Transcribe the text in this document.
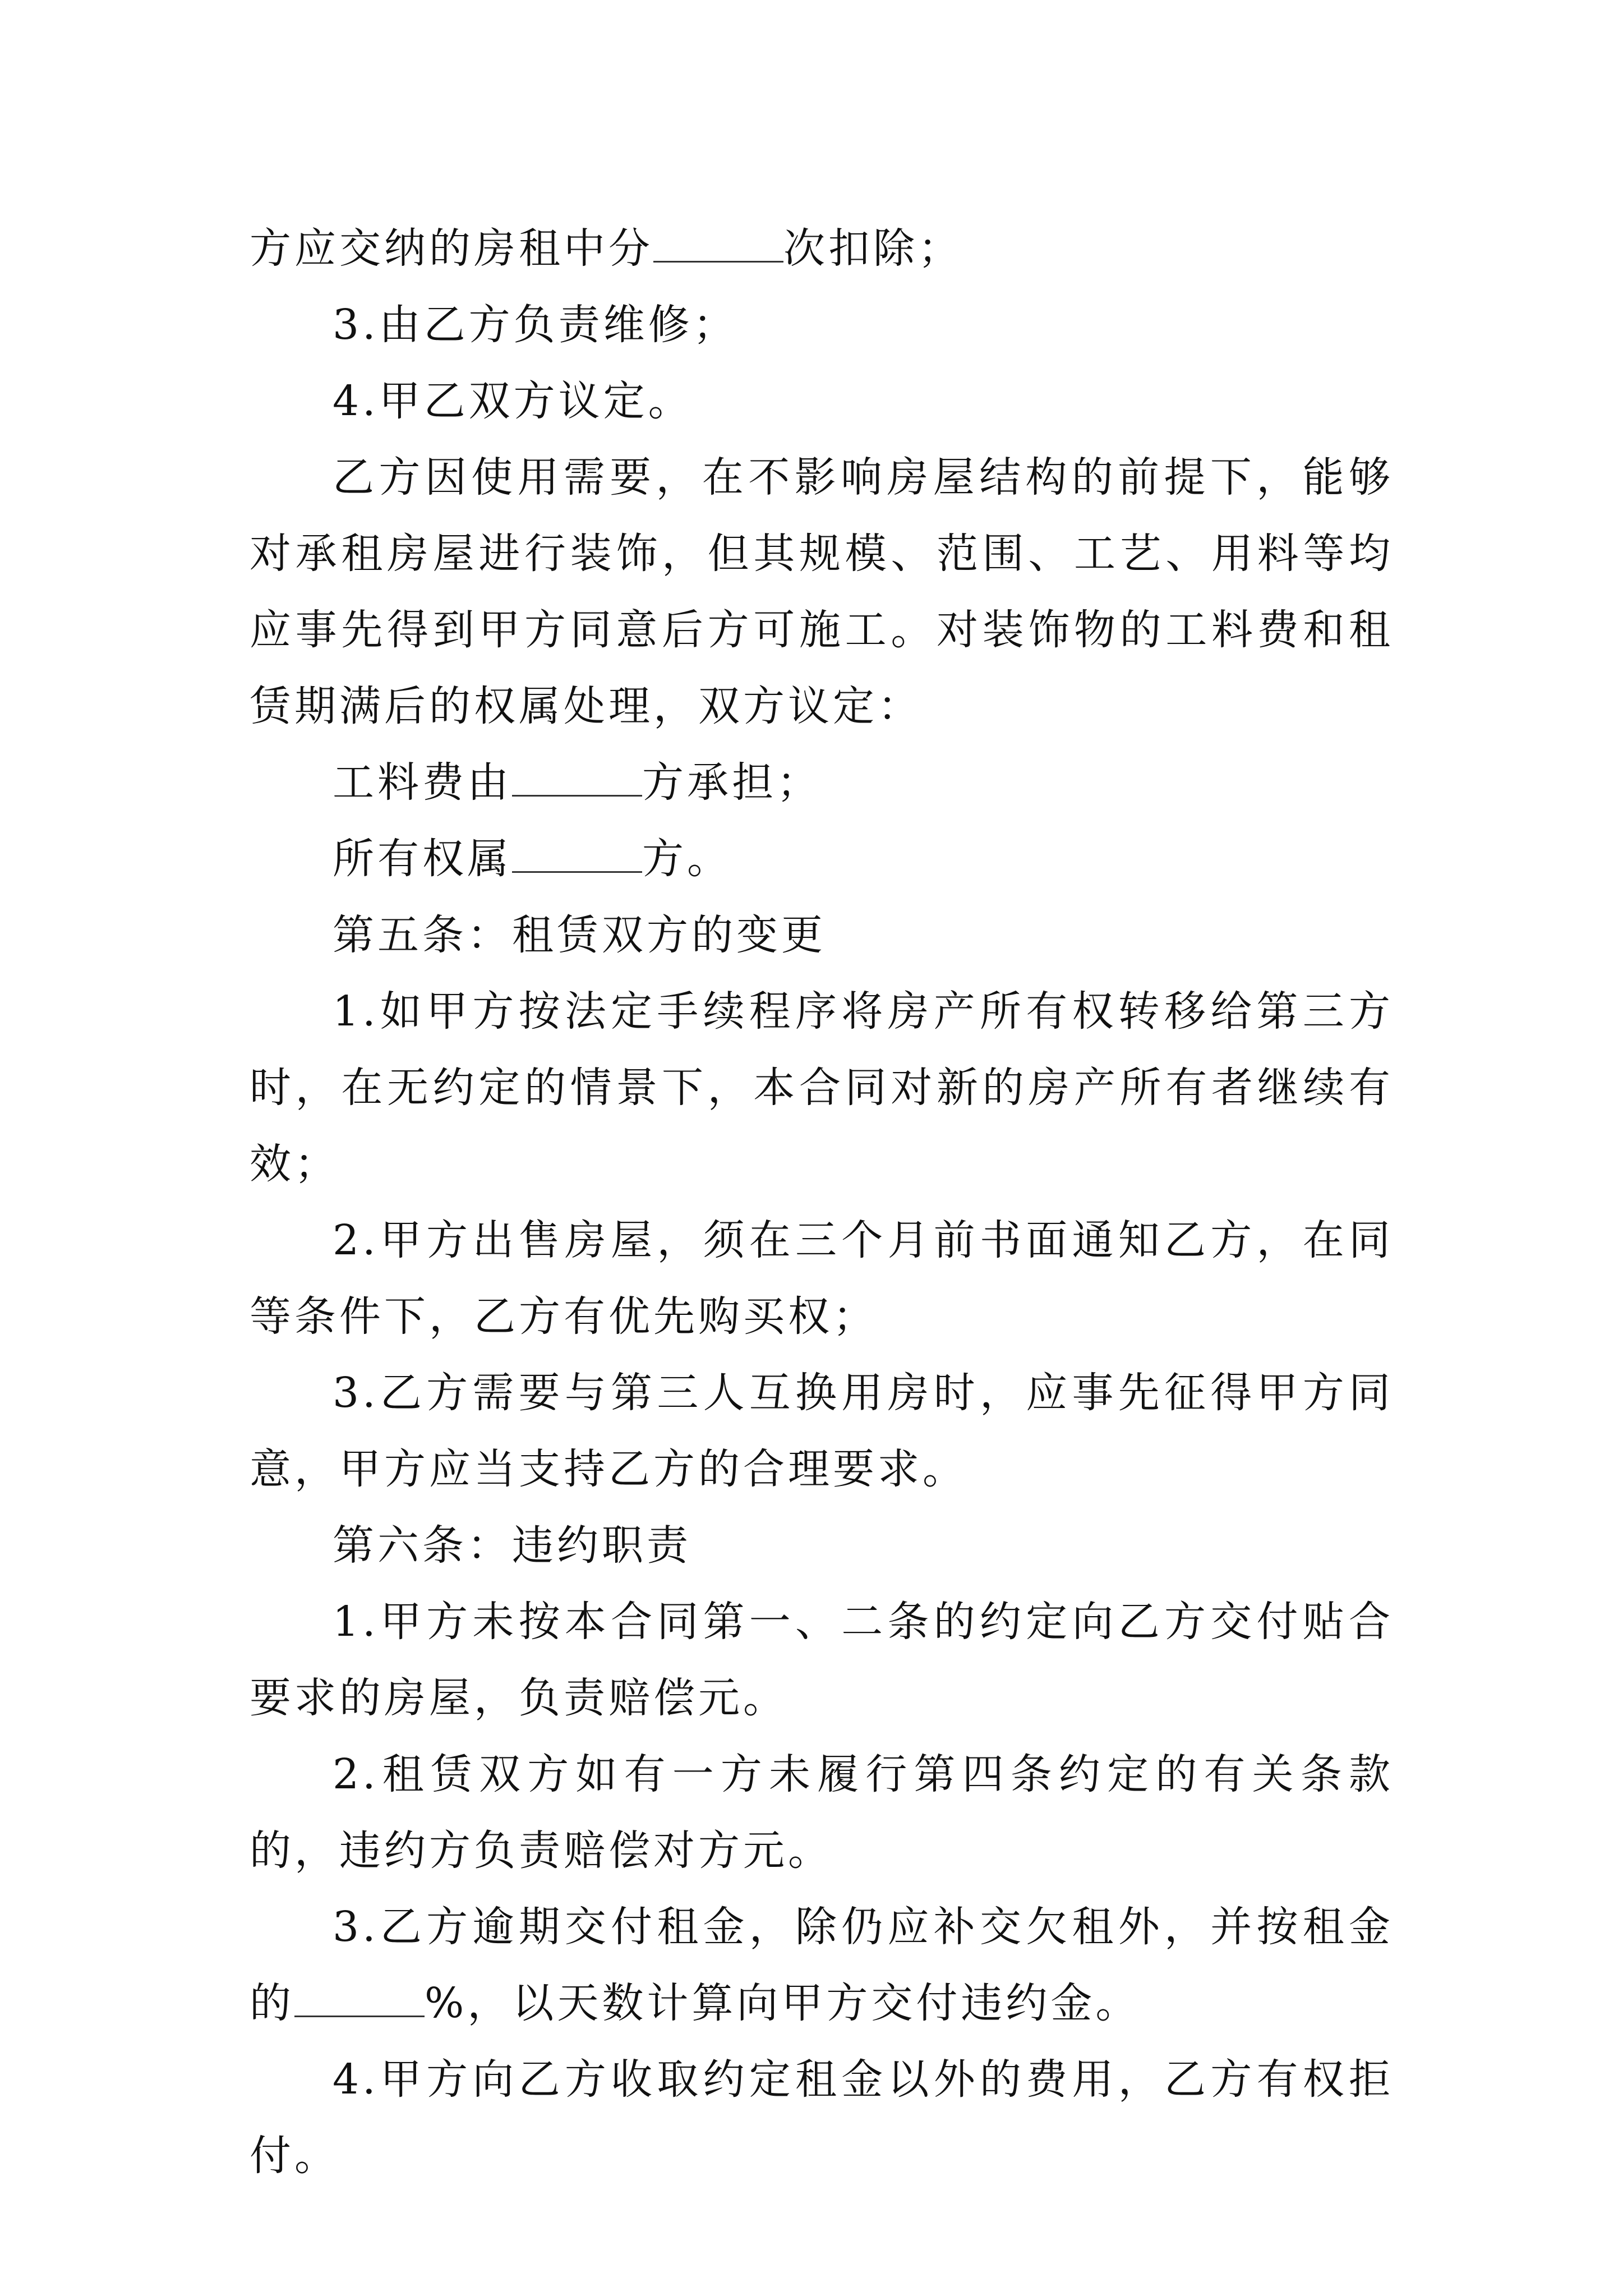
方应交纳的房租中分	次扣除；

3.由乙方负责维修；

4.甲乙双方议定。

乙方因使用需要，在不影响房屋结构的前提下，能够对承租房屋进行装饰，但其规模、范围、工艺、用料等均应事先得到甲方同意后方可施工。对装饰物的工料费和租赁期满后的权属处理，双方议定：

工料费由	方承担；

所有权属	方。

第五条：租赁双方的变更

1.如甲方按法定手续程序将房产所有权转移给第三方时，在无约定的情景下，本合同对新的房产所有者继续有效；

2.甲方出售房屋，须在三个月前书面通知乙方，在同等条件下，乙方有优先购买权；

3.乙方需要与第三人互换用房时，应事先征得甲方同意，甲方应当支持乙方的合理要求。

第六条：违约职责

1.甲方未按本合同第一、二条的约定向乙方交付贴合要求的房屋，负责赔偿元。

2.租赁双方如有一方未履行第四条约定的有关条款的，违约方负责赔偿对方元。

3.乙方逾期交付租金，除仍应补交欠租外，并按租金的	%，以天数计算向甲方交付违约金。

4.甲方向乙方收取约定租金以外的费用，乙方有权拒付。
